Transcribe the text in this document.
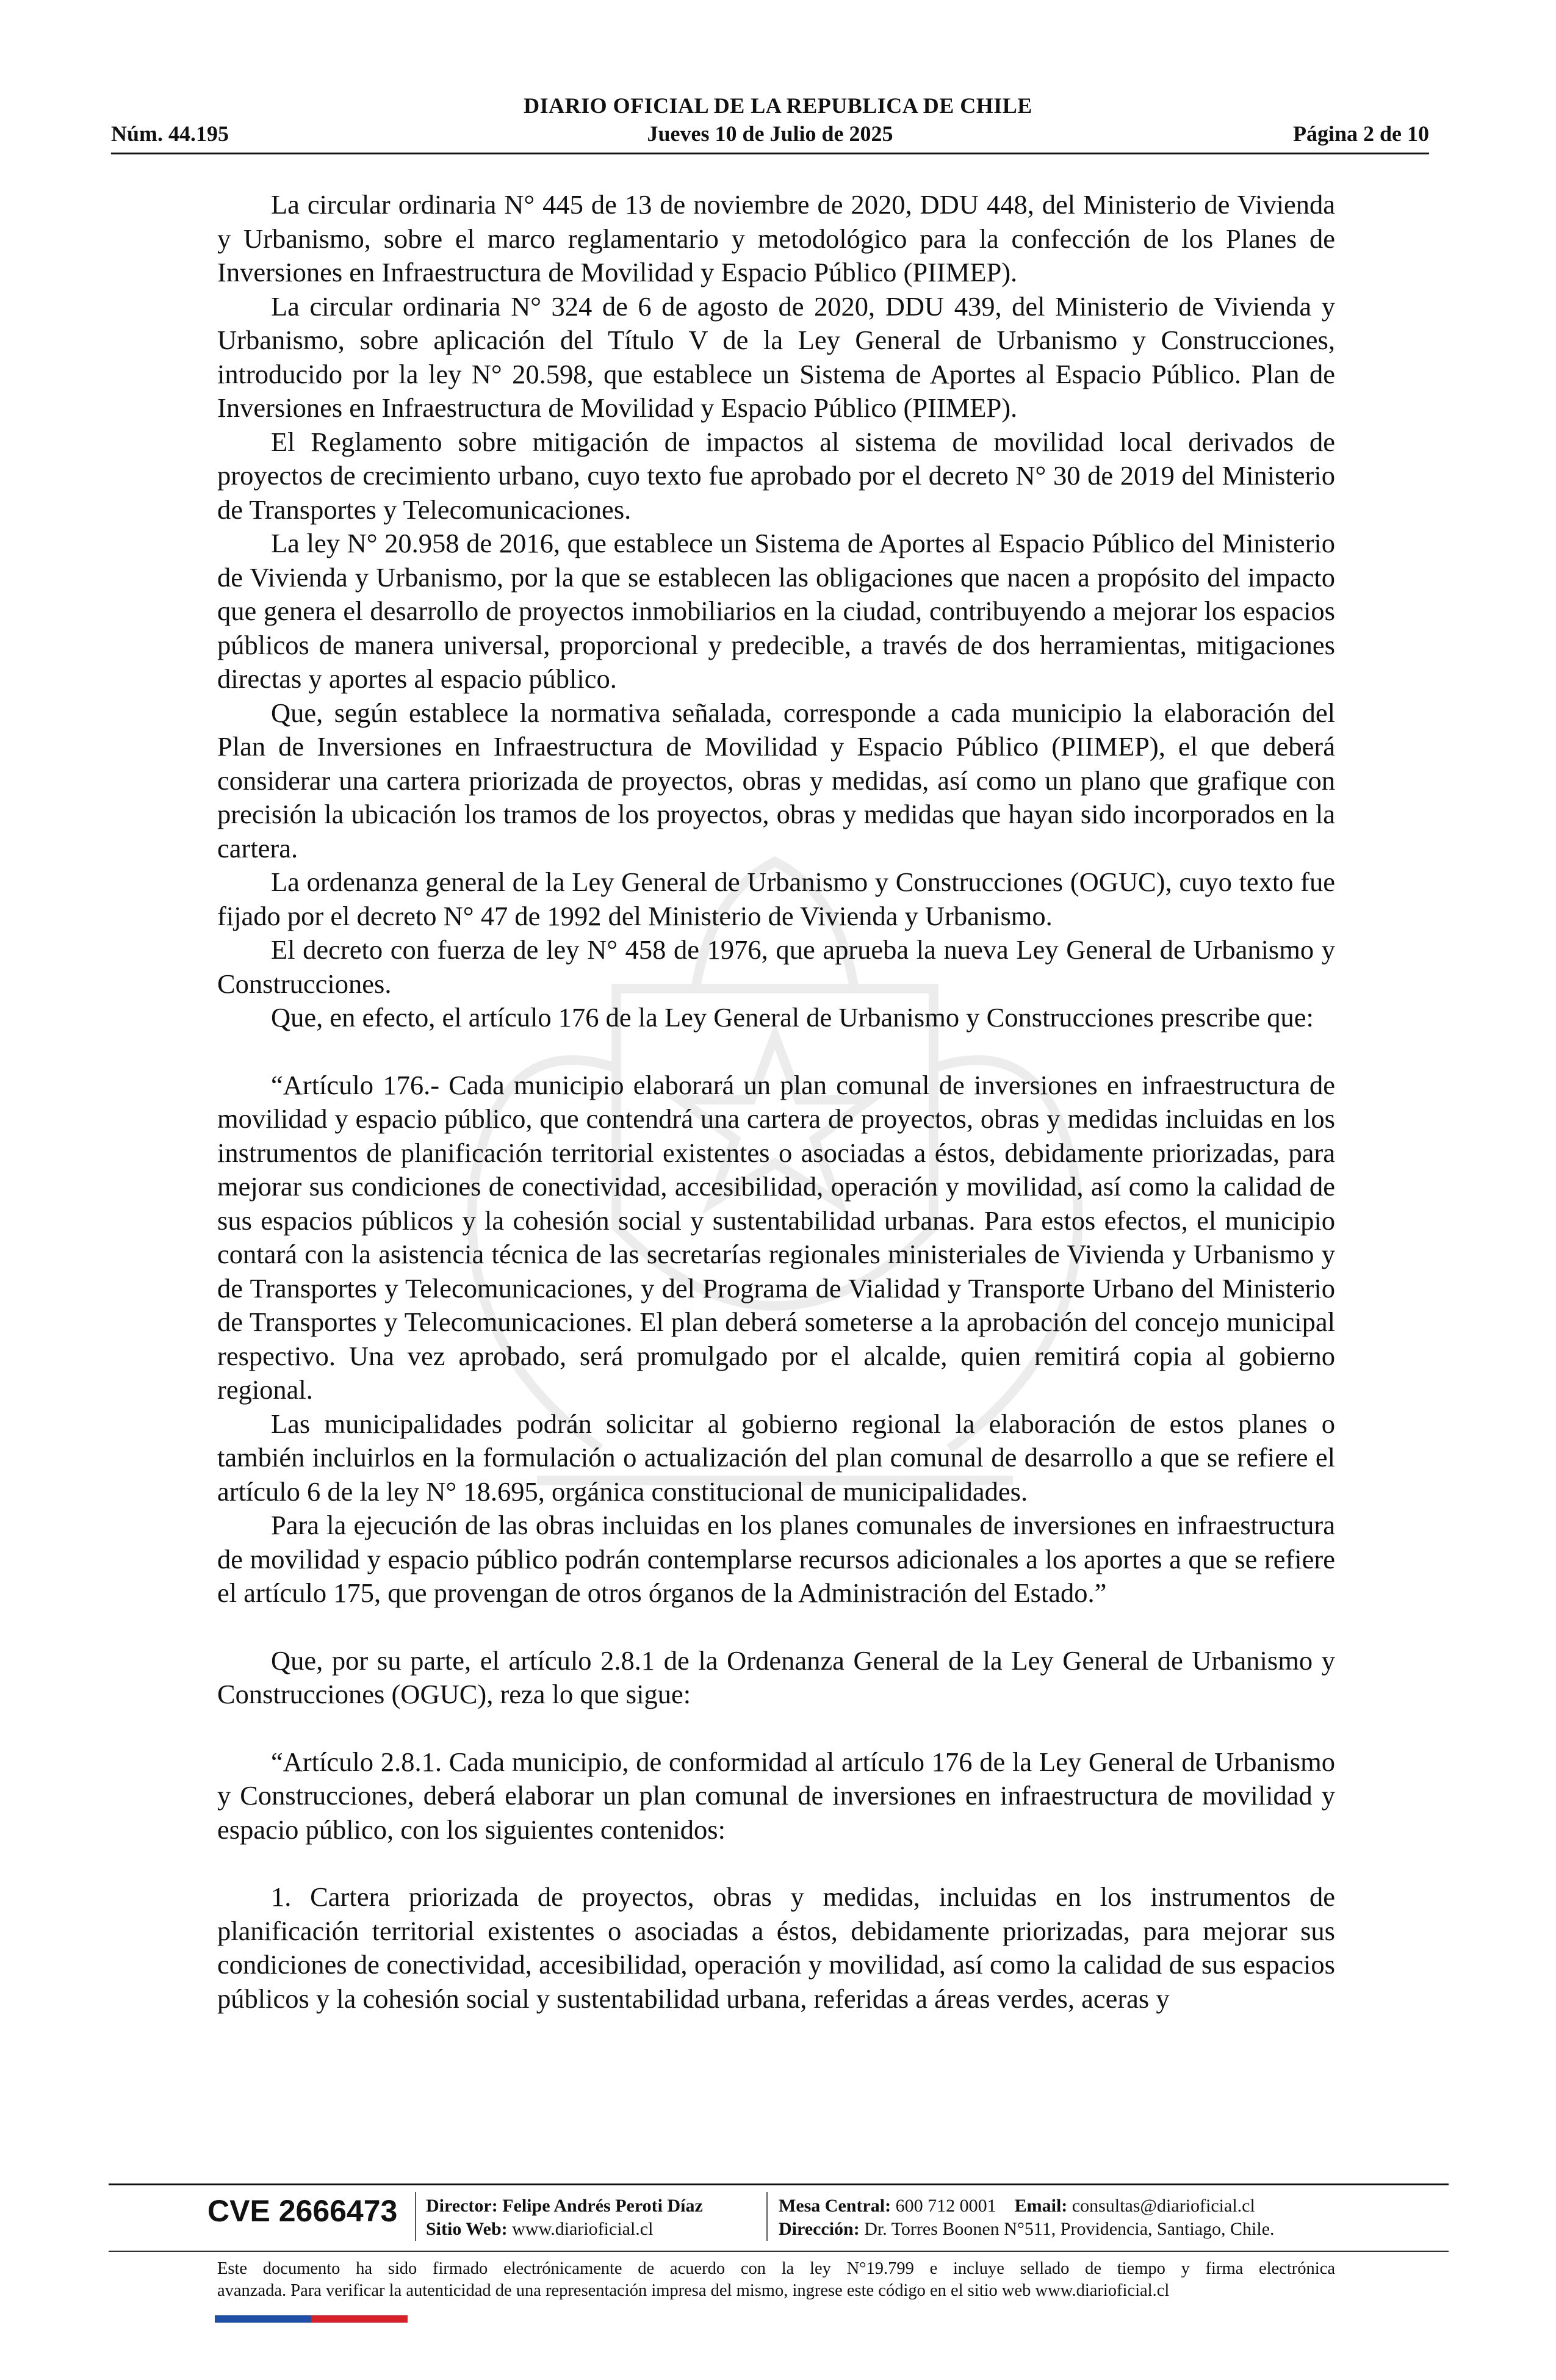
DIARIO OFICIAL DE LA REPUBLICA DE CHILE
Núm. 44.195	Jueves 10 de Julio de 2025	Página 2 de 10

La circular ordinaria N° 445 de 13 de noviembre de 2020, DDU 448, del Ministerio de Vivienda y Urbanismo, sobre el marco reglamentario y metodológico para la confección de los Planes de Inversiones en Infraestructura de Movilidad y Espacio Público (PIIMEP).

La circular ordinaria N° 324 de 6 de agosto de 2020, DDU 439, del Ministerio de Vivienda y Urbanismo, sobre aplicación del Título V de la Ley General de Urbanismo y Construcciones, introducido por la ley N° 20.598, que establece un Sistema de Aportes al Espacio Público. Plan de Inversiones en Infraestructura de Movilidad y Espacio Público (PIIMEP).

El Reglamento sobre mitigación de impactos al sistema de movilidad local derivados de proyectos de crecimiento urbano, cuyo texto fue aprobado por el decreto N° 30 de 2019 del Ministerio de Transportes y Telecomunicaciones.

La ley N° 20.958 de 2016, que establece un Sistema de Aportes al Espacio Público del Ministerio de Vivienda y Urbanismo, por la que se establecen las obligaciones que nacen a propósito del impacto que genera el desarrollo de proyectos inmobiliarios en la ciudad, contribuyendo a mejorar los espacios públicos de manera universal, proporcional y predecible, a través de dos herramientas, mitigaciones directas y aportes al espacio público.

Que, según establece la normativa señalada, corresponde a cada municipio la elaboración del Plan de Inversiones en Infraestructura de Movilidad y Espacio Público (PIIMEP), el que deberá considerar una cartera priorizada de proyectos, obras y medidas, así como un plano que grafique con precisión la ubicación los tramos de los proyectos, obras y medidas que hayan sido incorporados en la cartera.

La ordenanza general de la Ley General de Urbanismo y Construcciones (OGUC), cuyo texto fue fijado por el decreto N° 47 de 1992 del Ministerio de Vivienda y Urbanismo.

El decreto con fuerza de ley N° 458 de 1976, que aprueba la nueva Ley General de Urbanismo y Construcciones.

Que, en efecto, el artículo 176 de la Ley General de Urbanismo y Construcciones prescribe que:

“Artículo 176.- Cada municipio elaborará un plan comunal de inversiones en infraestructura de movilidad y espacio público, que contendrá una cartera de proyectos, obras y medidas incluidas en los instrumentos de planificación territorial existentes o asociadas a éstos, debidamente priorizadas, para mejorar sus condiciones de conectividad, accesibilidad, operación y movilidad, así como la calidad de sus espacios públicos y la cohesión social y sustentabilidad urbanas. Para estos efectos, el municipio contará con la asistencia técnica de las secretarías regionales ministeriales de Vivienda y Urbanismo y de Transportes y Telecomunicaciones, y del Programa de Vialidad y Transporte Urbano del Ministerio de Transportes y Telecomunicaciones. El plan deberá someterse a la aprobación del concejo municipal respectivo. Una vez aprobado, será promulgado por el alcalde, quien remitirá copia al gobierno regional.

Las municipalidades podrán solicitar al gobierno regional la elaboración de estos planes o también incluirlos en la formulación o actualización del plan comunal de desarrollo a que se refiere el artículo 6 de la ley N° 18.695, orgánica constitucional de municipalidades.

Para la ejecución de las obras incluidas en los planes comunales de inversiones en infraestructura de movilidad y espacio público podrán contemplarse recursos adicionales a los aportes a que se refiere el artículo 175, que provengan de otros órganos de la Administración del Estado.”

Que, por su parte, el artículo 2.8.1 de la Ordenanza General de la Ley General de Urbanismo y Construcciones (OGUC), reza lo que sigue:

“Artículo 2.8.1. Cada municipio, de conformidad al artículo 176 de la Ley General de Urbanismo y Construcciones, deberá elaborar un plan comunal de inversiones en infraestructura de movilidad y espacio público, con los siguientes contenidos:

1. Cartera priorizada de proyectos, obras y medidas, incluidas en los instrumentos de planificación territorial existentes o asociadas a éstos, debidamente priorizadas, para mejorar sus condiciones de conectividad, accesibilidad, operación y movilidad, así como la calidad de sus espacios públicos y la cohesión social y sustentabilidad urbana, referidas a áreas verdes, aceras y

CVE 2666473 Director: Felipe Andrés Peroti Díaz
Sitio Web: www.diarioficial.cl
Mesa Central: 600 712 0001 Email: consultas@diarioficial.cl
Dirección: Dr. Torres Boonen N°511, Providencia, Santiago, Chile.
Este documento ha sido firmado electrónicamente de acuerdo con la ley N°19.799 e incluye sellado de tiempo y firma electrónica
avanzada. Para verificar la autenticidad de una representación impresa del mismo, ingrese este código en el sitio web www.diarioficial.cl
